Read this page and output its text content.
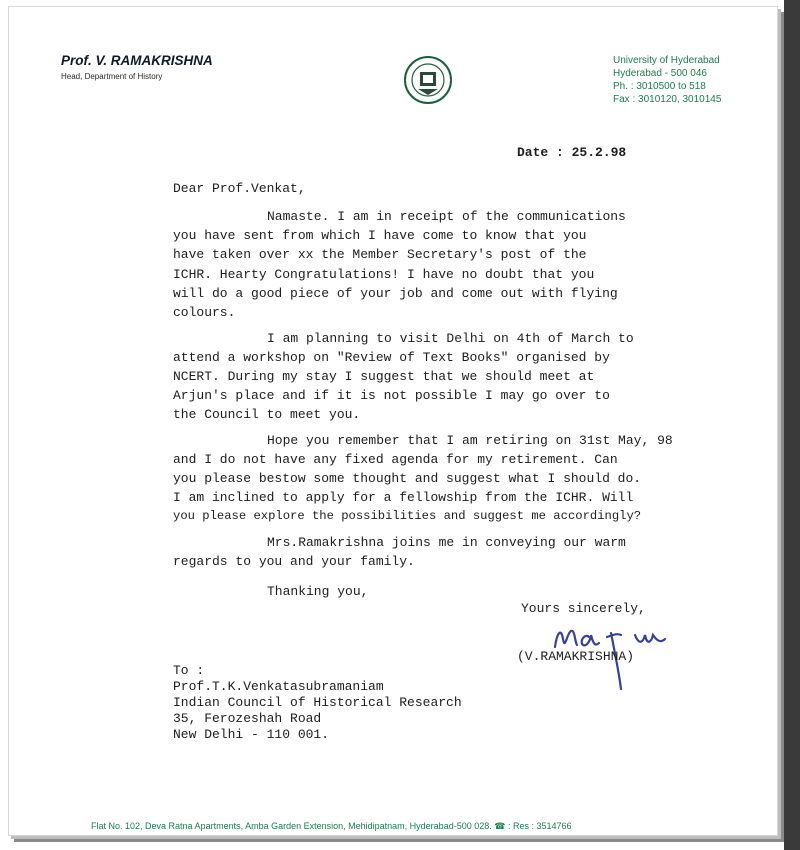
Prof. V. RAMAKRISHNA
Head, Department of History
University of Hyderabad
Hyderabad - 500 046
Ph. : 3010500 to 518
Fax : 3010120, 3010145
Date : 25.2.98
Dear Prof.Venkat,
Namaste. I am in receipt of the communications
you have sent from which I have come to know that you
have taken over xx the Member Secretary's post of the
ICHR. Hearty Congratulations! I have no doubt that you
will do a good piece of your job and come out with flying
colours.
I am planning to visit Delhi on 4th of March to
attend a workshop on "Review of Text Books" organised by
NCERT. During my stay I suggest that we should meet at
Arjun's place and if it is not possible I may go over to
the Council to meet you.
Hope you remember that I am retiring on 31st May, 98
and I do not have any fixed agenda for my retirement. Can
you please bestow some thought and suggest what I should do.
I am inclined to apply for a fellowship from the ICHR. Will
you please explore the possibilities and suggest me accordingly?
Mrs.Ramakrishna joins me in conveying our warm
regards to you and your family.
Thanking you,
Yours sincerely,
(V.RAMAKRISHNA)
To :
Prof.T.K.Venkatasubramaniam
Indian Council of Historical Research
35, Ferozeshah Road
New Delhi - 110 001.
Flat No. 102, Deva Ratna Apartments, Amba Garden Extension, Mehidipatnam, Hyderabad-500 028. ☎ : Res : 3514766
